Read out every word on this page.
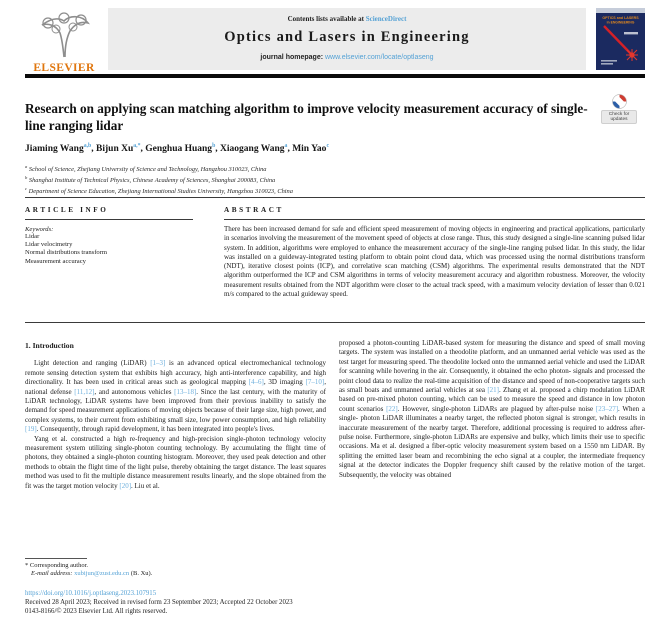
ELSEVIER
Contents lists available at ScienceDirect
Optics and Lasers in Engineering
journal homepage: www.elsevier.com/locate/optlaseng
OPTICS and LASERS
in ENGINEERING
Check for
updates
Research on applying scan matching algorithm to improve velocity measurement accuracy of single-line ranging lidar
Jiaming Wang$^{a,b}$, Bijun $Xu^{a,*}$, Genghua Huang$^b$, Xiaogang Wang$^a$, Min Yao$^c$
$^a$ School of Science, Zhejiang University of Science and Technology, Hangzhou 310023, China
$^b$ Shanghai Institute of Technical Physics, Chinese Academy of Sciences, Shanghai 200083, China
$^c$ Department of Science Education, Zhejiang International Studies University, Hangzhou 310023, China
ARTICLE INFO
Keywords:
Lidar
Lidar velocimetry
Normal distributions transform
Measurement accuracy
ABSTRACT
There has been increased demand for safe and efficient speed measurement of moving objects in engineering and practical applications, particularly in scenarios involving the measurement of the movement speed of objects at close range. Thus, this study designed a single-line scanning pulsed lidar system. In addition, algorithms were employed to enhance the measurement accuracy of the single-line ranging pulsed lidar. In this study, the lidar was installed on a guideway-integrated testing platform to obtain point cloud data, which was processed using the normal distributions transform (NDT), iterative closest points (ICP), and correlative scan matching (CSM) algorithms. The experimental results demonstrated that the NDT algorithm outperformed the ICP and CSM algorithms in terms of velocity measurement accuracy and algorithm robustness. Moreover, the velocity measurement results obtained from the NDT algorithm were closer to the actual track speed, with a maximum velocity deviation of lesser than 0.021 m/s compared to the actual guideway speed.
1. Introduction

Light detection and ranging (LiDAR) [1–3] is an advanced optical electromechanical technology remote sensing detection system that exhibits high accuracy, high anti-interference capability, and high directionality. It has been used in critical areas such as geological mapping [4–6], 3D imaging [7–10], national defense [11,12], and autonomous vehicles [13–18]. Since the last century, with the maturity of LiDAR technology, LiDAR systems have been improved from their previous inability to satisfy the demand for speed measurement applications of moving objects because of their large size, high power, and complex systems, to their current from exhibiting small size, low power consumption, and high reliability [19]. Consequently, through rapid development, it has been integrated into people's lives.

Yang et al. constructed a high re-frequency and high-precision single-photon technology velocity measurement system utilizing single-photon counting technology. By accumulating the flight time of photons, they obtained a single-photon counting histogram. Moreover, they used peak detection and other methods to obtain the flight time of the light pulse, thereby obtaining the target distance. The least squares method was used to fit the multiple distance measurement results linearly, and the slope obtained from the fit was the target motion velocity [20]. Liu et al.

proposed a photon-counting LiDAR-based system for measuring the distance and speed of small moving targets. The system was installed on a theodolite platform, and an unmanned aerial vehicle was used as the test target for measuring speed. The theodolite locked onto the unmanned aerial vehicle and used the LiDAR for scanning while hovering in the air. Consequently, it obtained the echo photon- signals and processed the point cloud data to realize the real-time acquisition of the distance and speed of non-cooperative targets such as small boats and unmanned aerial vehicles at sea [21]. Zhang et al. proposed a chirp modulation LiDAR based on pre-mixed photon counting, which can be used to measure the speed and distance in low photon count scenarios [22]. However, single-photon LiDARs are plagued by after-pulse noise [23–27]. When a single- photon LiDAR illuminates a nearby target, the reflected photon signal is stronger, which results in inaccurate measurement of the nearby target. Therefore, additional processing is required to address after-pulse noise. Furthermore, single-photon LiDARs are expensive and bulky, which limits their use to specific occasions. Ma et al. designed a fiber-optic velocity measurement system based on a 1550 nm LiDAR. By splitting the emitted laser beam and recombining the echo signal at a coupler, the intermediate frequency signal at the detector indicates the Doppler frequency shift caused by the relative motion of the target. Subsequently, the velocity was obtained

* Corresponding author.
E-mail address: xubijun@zust.edu.cn (B. Xu).
https://doi.org/10.1016/j.optlaseng.2023.107915
Received 28 April 2023; Received in revised form 23 September 2023; Accepted 22 October 2023
0143-8166/© 2023 Elsevier Ltd. All rights reserved.
